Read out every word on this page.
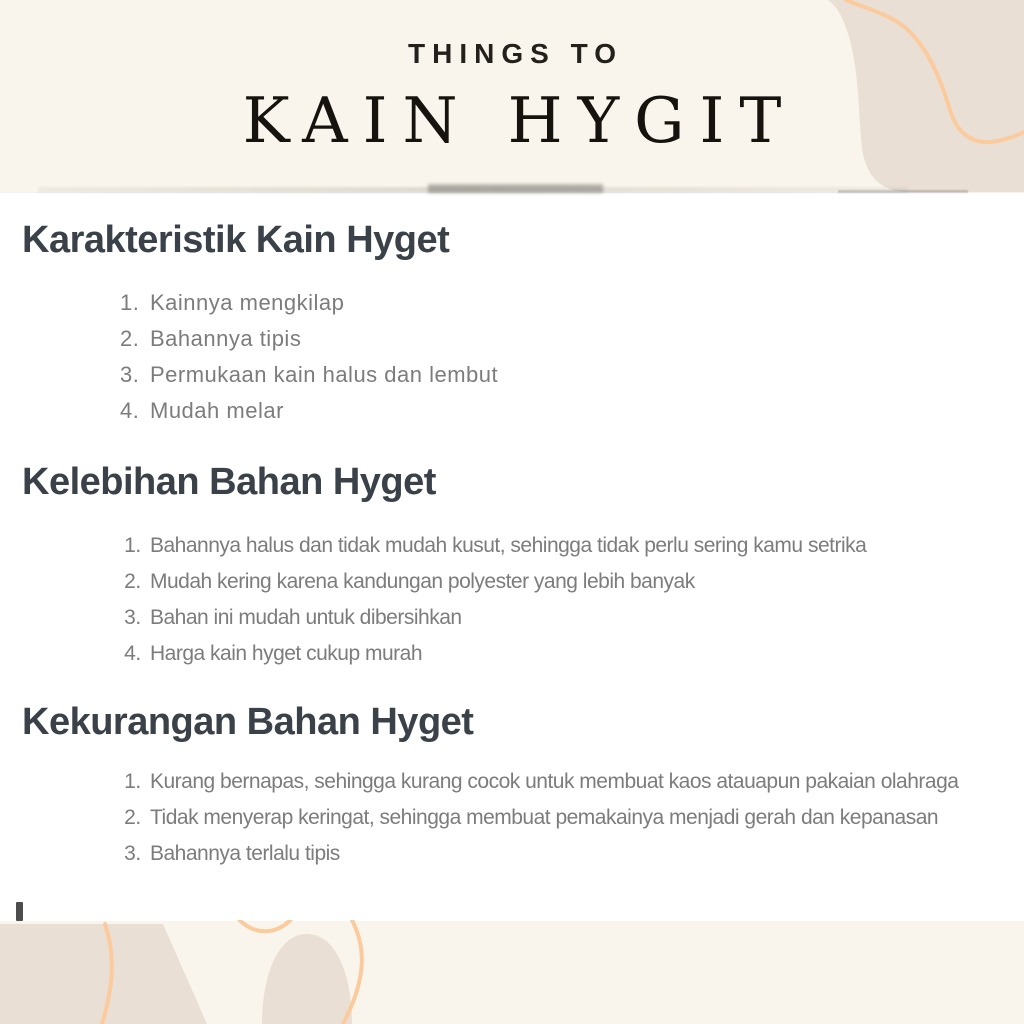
THINGS TO
KAIN HYGIT
Karakteristik Kain Hyget
1. Kainnya mengkilap
2. Bahannya tipis
3. Permukaan kain halus dan lembut
4. Mudah melar
Kelebihan Bahan Hyget
1. Bahannya halus dan tidak mudah kusut, sehingga tidak perlu sering kamu setrika
2. Mudah kering karena kandungan polyester yang lebih banyak
3. Bahan ini mudah untuk dibersihkan
4. Harga kain hyget cukup murah
Kekurangan Bahan Hyget
1. Kurang bernapas, sehingga kurang cocok untuk membuat kaos atauapun pakaian olahraga
2. Tidak menyerap keringat, sehingga membuat pemakainya menjadi gerah dan kepanasan
3. Bahannya terlalu tipis
